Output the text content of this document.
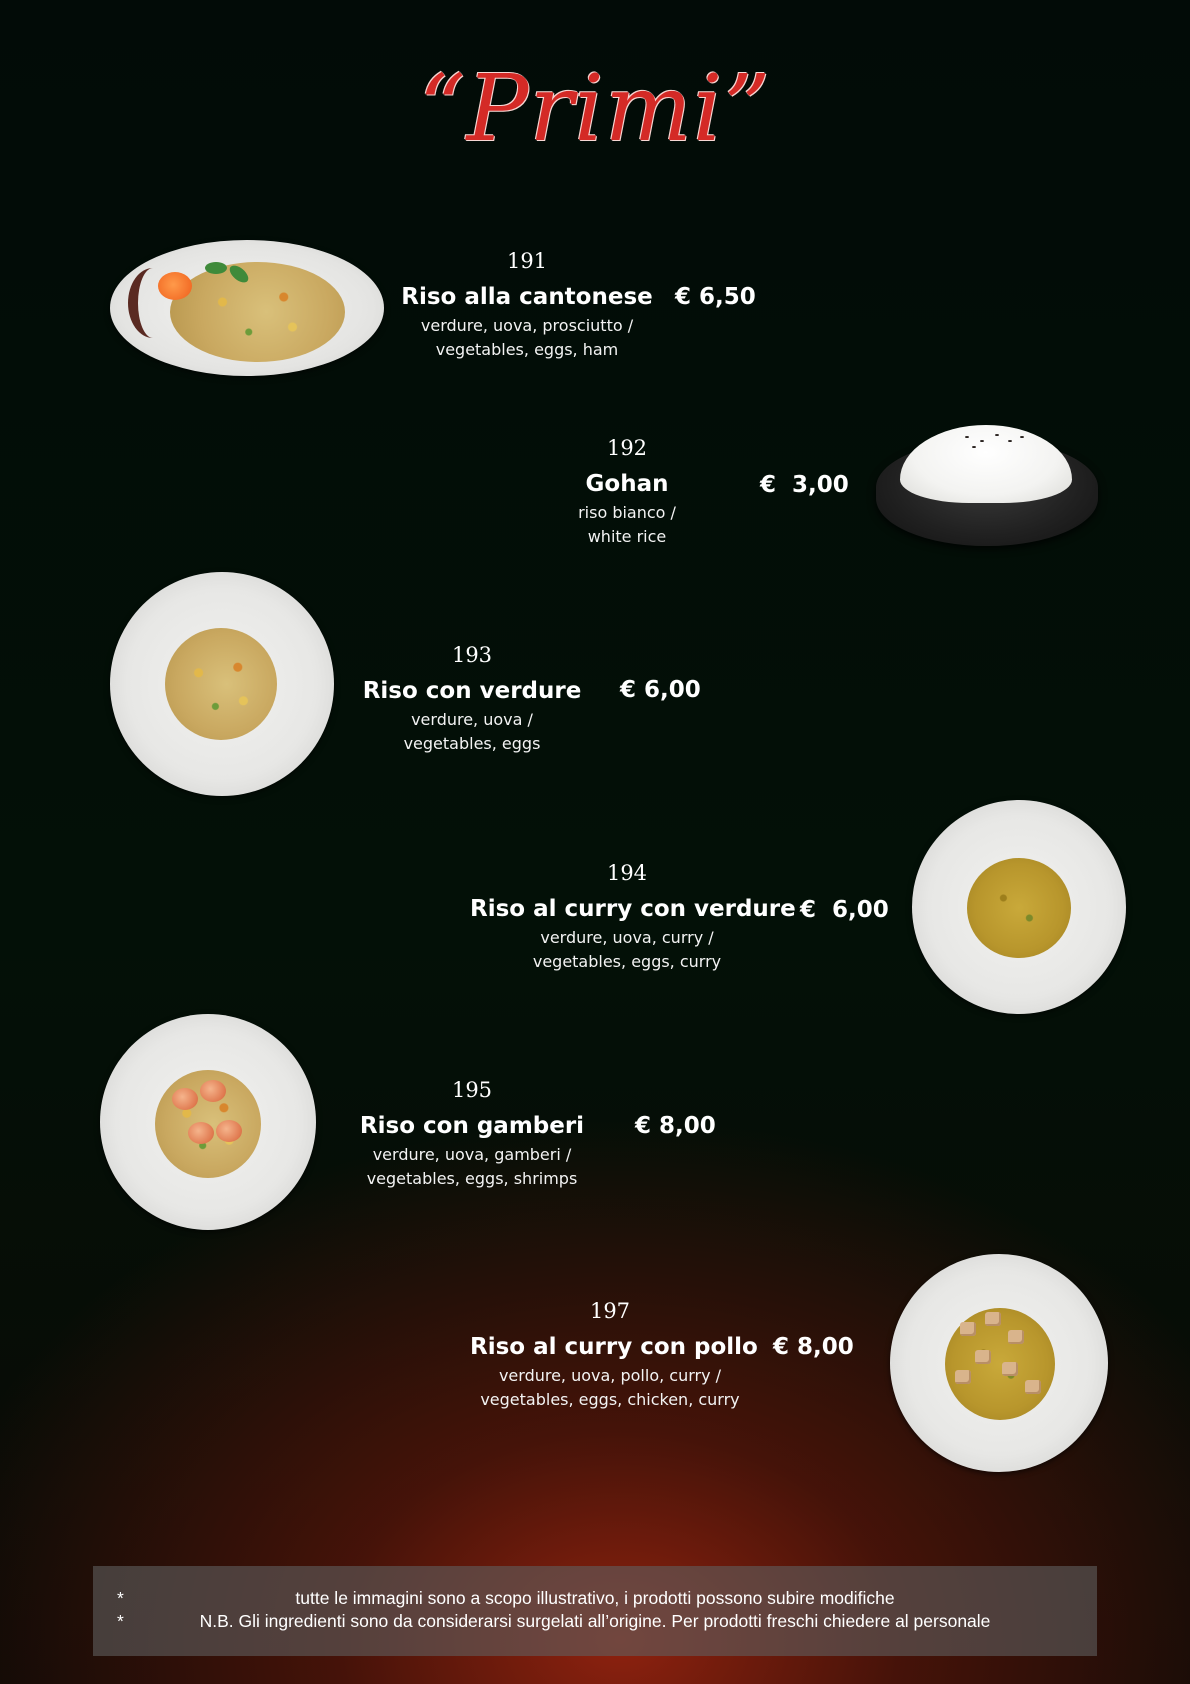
“Primi”
191
Riso alla cantonese
verdure, uova, prosciutto /
vegetables, eggs, ham
€ 6,50
192
Gohan
riso bianco /
white rice
€  3,00
193
Riso con verdure
verdure, uova /
vegetables, eggs
€ 6,00
194
Riso al curry con verdure
verdure, uova, curry /
vegetables, eggs, curry
€  6,00
195
Riso con gamberi
verdure, uova, gamberi /
vegetables, eggs, shrimps
€ 8,00
197
Riso al curry con pollo
verdure, uova, pollo, curry /
vegetables, eggs, chicken, curry
€ 8,00
*	tutte le immagini sono a scopo illustrativo, i prodotti possono subire modifiche
*	N.B. Gli ingredienti sono da considerarsi surgelati all’origine. Per prodotti freschi chiedere al personale
